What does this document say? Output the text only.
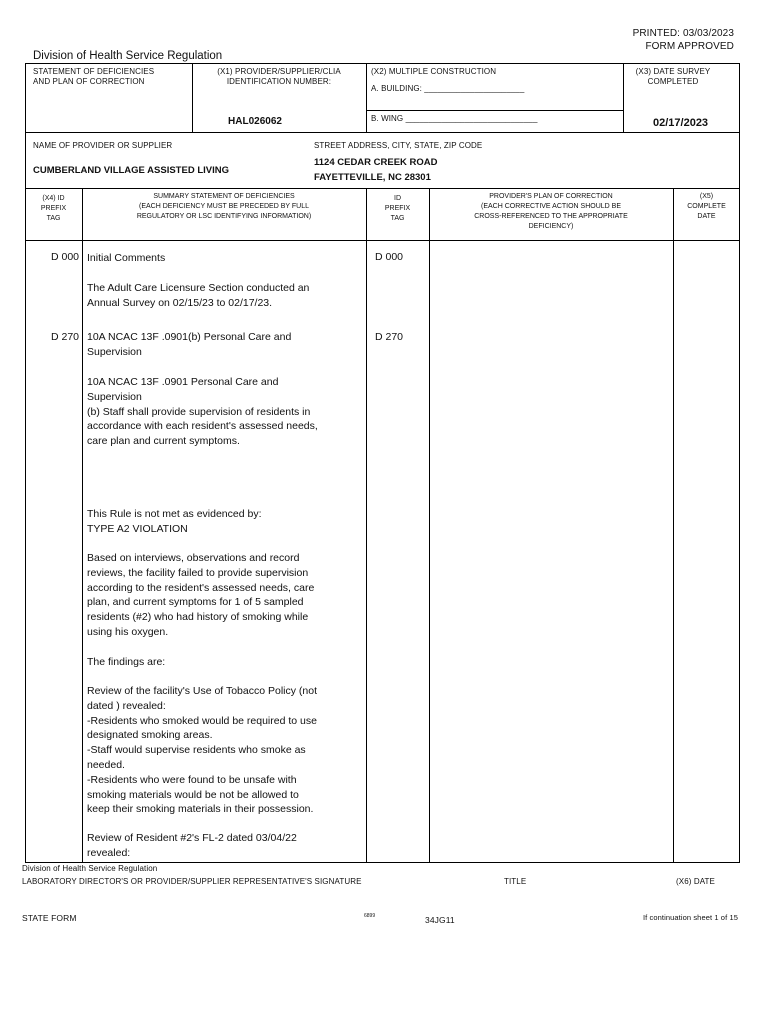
PRINTED: 03/03/2023
FORM APPROVED
Division of Health Service Regulation
STATEMENT OF DEFICIENCIES
AND PLAN OF CORRECTION
(X1) PROVIDER/SUPPLIER/CLIA
IDENTIFICATION NUMBER:
HAL026062
(X2) MULTIPLE CONSTRUCTION
A. BUILDING: ______________________
B. WING _____________________________
(X3) DATE SURVEY
COMPLETED
02/17/2023
NAME OF PROVIDER OR SUPPLIER
CUMBERLAND VILLAGE ASSISTED LIVING
STREET ADDRESS, CITY, STATE, ZIP CODE
1124 CEDAR CREEK ROAD
FAYETTEVILLE, NC 28301
(X4) ID
PREFIX
TAG
SUMMARY STATEMENT OF DEFICIENCIES
(EACH DEFICIENCY MUST BE PRECEDED BY FULL
REGULATORY OR LSC IDENTIFYING INFORMATION)
ID
PREFIX
TAG
PROVIDER'S PLAN OF CORRECTION
(EACH CORRECTIVE ACTION SHOULD BE
CROSS-REFERENCED TO THE APPROPRIATE
DEFICIENCY)
(X5)
COMPLETE
DATE
D 000	D 000
Initial Comments
The Adult Care Licensure Section conducted an
Annual Survey on 02/15/23 to 02/17/23.
D 270	D 270
10A NCAC 13F .0901(b) Personal Care and
Supervision
10A NCAC 13F .0901 Personal Care and
Supervision
(b) Staff shall provide supervision of residents in
accordance with each resident's assessed needs,
care plan and current symptoms.
This Rule is not met as evidenced by:
TYPE A2 VIOLATION
Based on interviews, observations and record
reviews, the facility failed to provide supervision
according to the resident's assessed needs, care
plan, and current symptoms for 1 of 5 sampled
residents (#2) who had history of smoking while
using his oxygen.
The findings are:
Review of the facility's Use of Tobacco Policy (not
dated ) revealed:
-Residents who smoked would be required to use
designated smoking areas.
-Staff would supervise residents who smoke as
needed.
-Residents who were found to be unsafe with
smoking materials would be not be allowed to
keep their smoking materials in their possession.
Review of Resident #2's FL-2 dated 03/04/22
revealed:
Division of Health Service Regulation
LABORATORY DIRECTOR'S OR PROVIDER/SUPPLIER REPRESENTATIVE'S SIGNATURE	TITLE	(X6) DATE
STATE FORM	6899	34JG11	If continuation sheet 1 of 15
